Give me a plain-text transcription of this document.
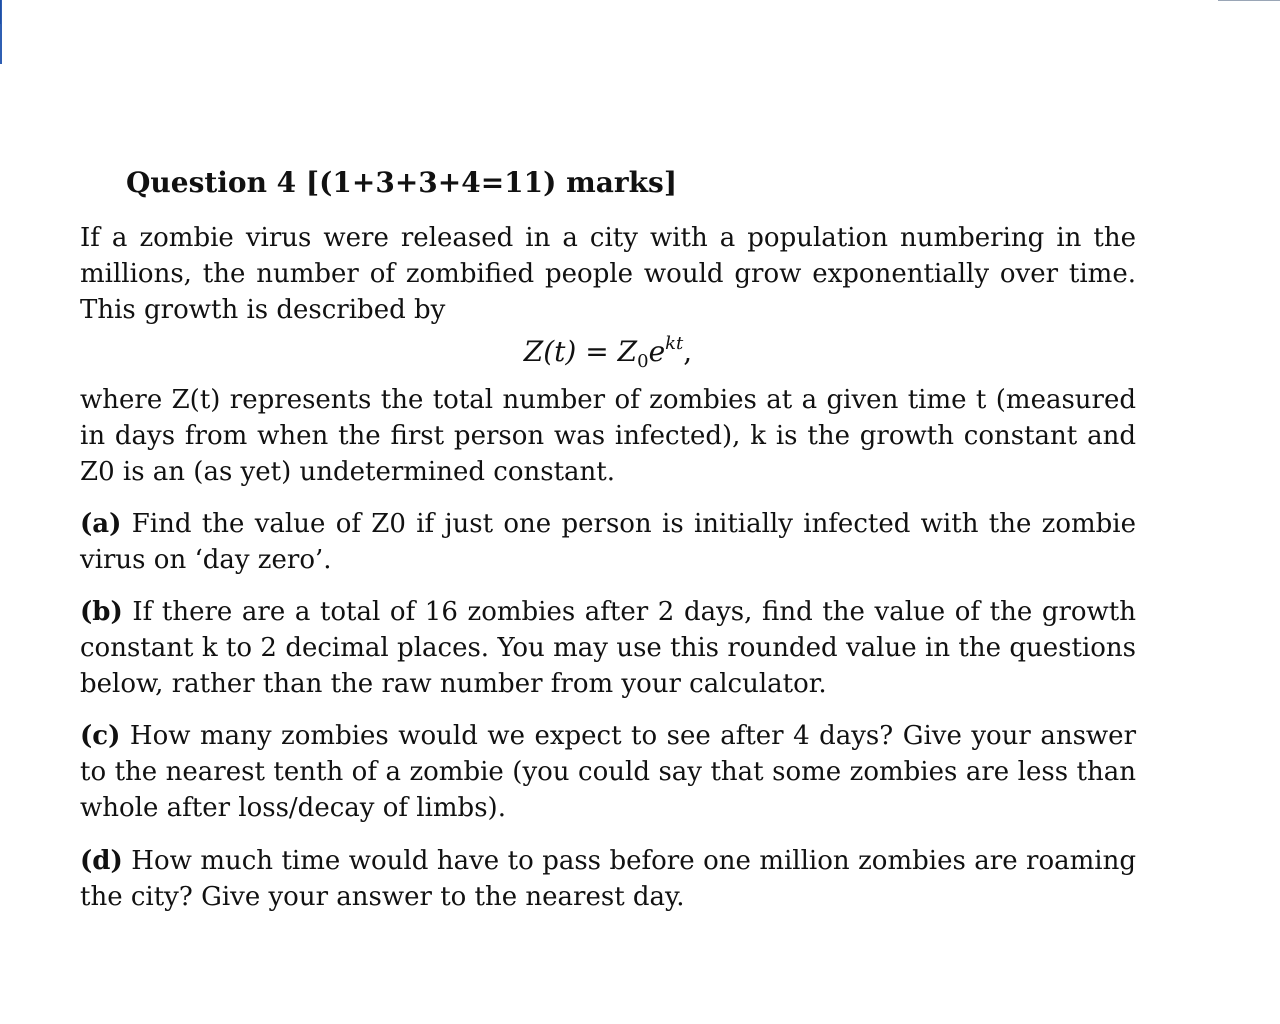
Question 4 [(1+3+3+4=11) marks]
If a zombie virus were released in a city with a population numbering in the millions, the number of zombified people would grow exponentially over time. This growth is described by
$Z(t) = Z_0e^{kt}$,
where Z(t) represents the total number of zombies at a given time t (measured in days from when the first person was infected), k is the growth constant and Z0 is an (as yet) undetermined constant.
(a) Find the value of Z0 if just one person is initially infected with the zombie virus on ‘day zero’.
(b) If there are a total of 16 zombies after 2 days, find the value of the growth constant k to 2 decimal places. You may use this rounded value in the questions below, rather than the raw number from your calculator.
(c) How many zombies would we expect to see after 4 days? Give your answer to the nearest tenth of a zombie (you could say that some zombies are less than whole after loss/decay of limbs).
(d) How much time would have to pass before one million zombies are roaming the city? Give your answer to the nearest day.
